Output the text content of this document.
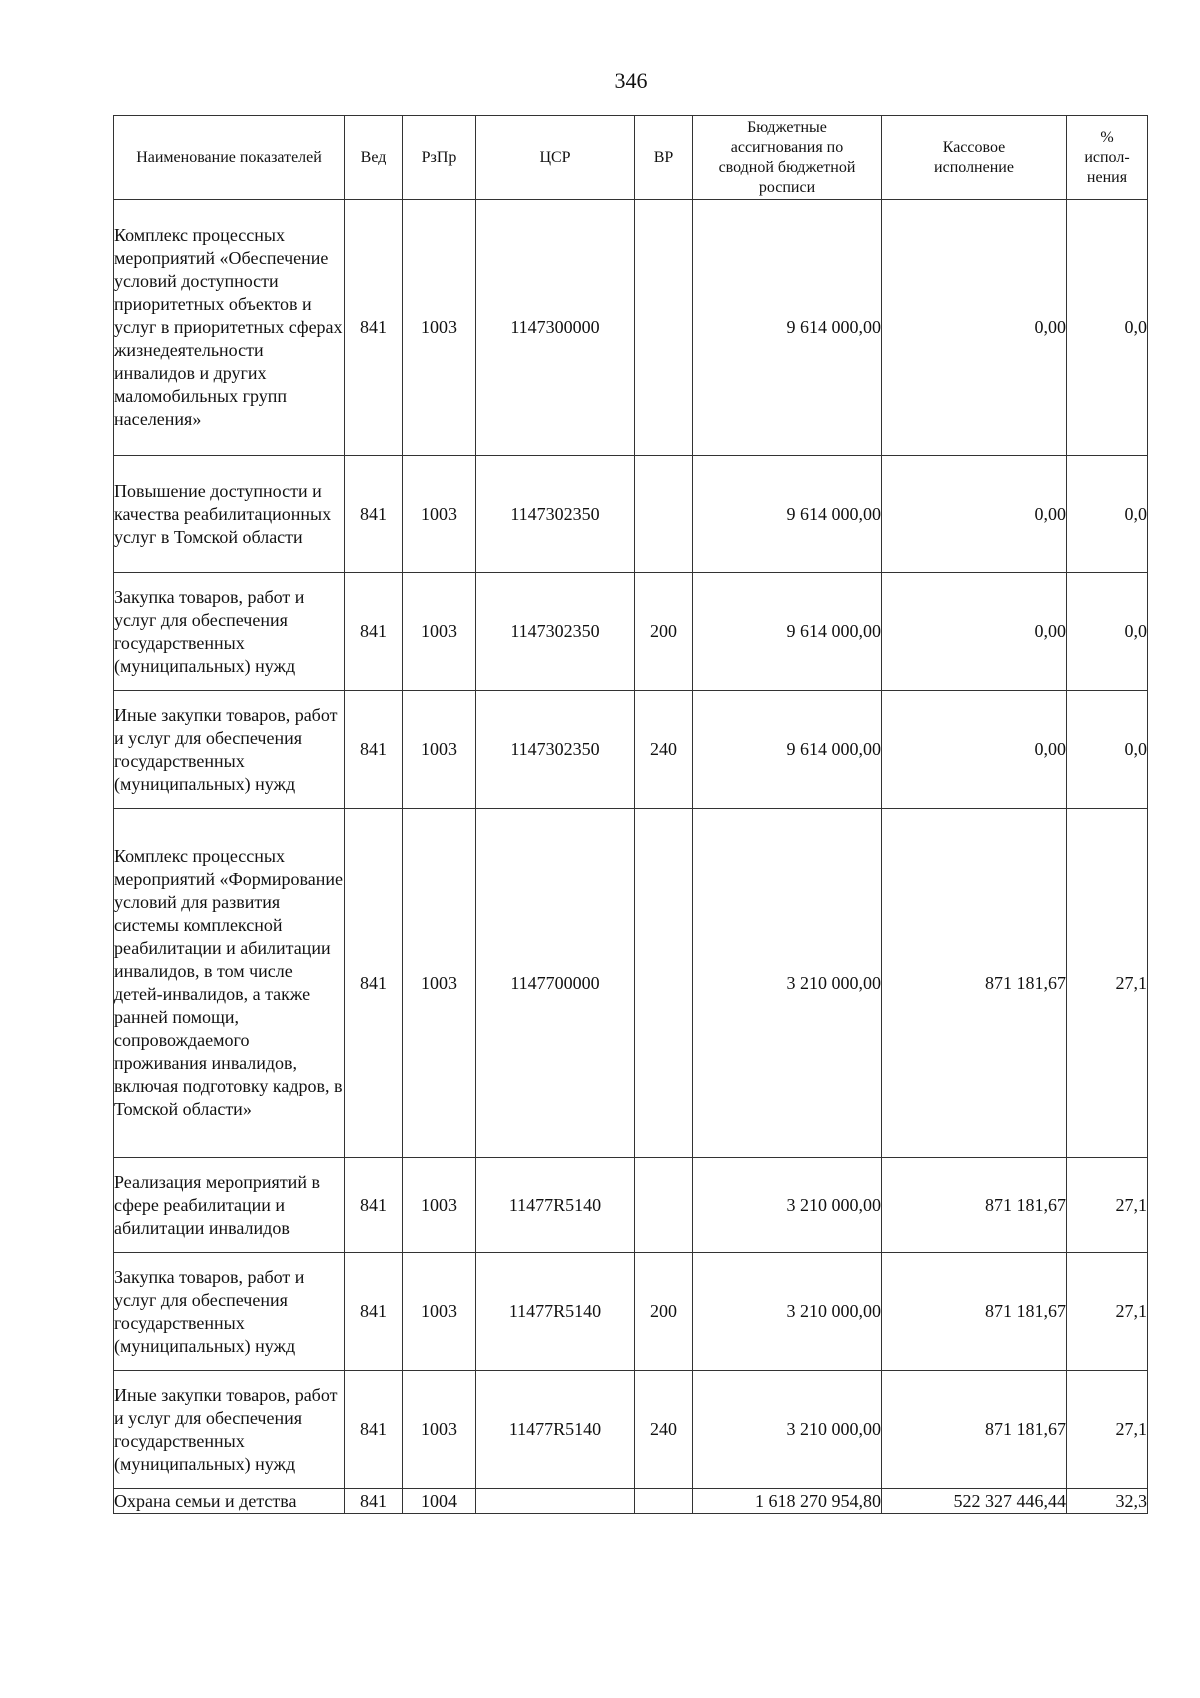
346
Наименование показателей	Вед	РзПр	ЦСР	ВР	Бюджетные ассигнования по сводной бюджетной росписи	Кассовое исполнение	% испол-нения
Комплекс процессных мероприятий «Обеспечение условий доступности приоритетных объектов и услуг в приоритетных сферах жизнедеятельности инвалидов и других маломобильных групп населения»	841	1003	1147300000		9 614 000,00	0,00	0,0
Повышение доступности и качества реабилитационных услуг в Томской области	841	1003	1147302350		9 614 000,00	0,00	0,0
Закупка товаров, работ и услуг для обеспечения государственных (муниципальных) нужд	841	1003	1147302350	200	9 614 000,00	0,00	0,0
Иные закупки товаров, работ и услуг для обеспечения государственных (муниципальных) нужд	841	1003	1147302350	240	9 614 000,00	0,00	0,0
Комплекс процессных мероприятий «Формирование условий для развития системы комплексной реабилитации и абилитации инвалидов, в том числе детей-инвалидов, а также ранней помощи, сопровождаемого проживания инвалидов, включая подготовку кадров, в Томской области»	841	1003	1147700000		3 210 000,00	871 181,67	27,1
Реализация мероприятий в сфере реабилитации и абилитации инвалидов	841	1003	11477R5140		3 210 000,00	871 181,67	27,1
Закупка товаров, работ и услуг для обеспечения государственных (муниципальных) нужд	841	1003	11477R5140	200	3 210 000,00	871 181,67	27,1
Иные закупки товаров, работ и услуг для обеспечения государственных (муниципальных) нужд	841	1003	11477R5140	240	3 210 000,00	871 181,67	27,1
Охрана семьи и детства	841	1004			1 618 270 954,80	522 327 446,44	32,3
